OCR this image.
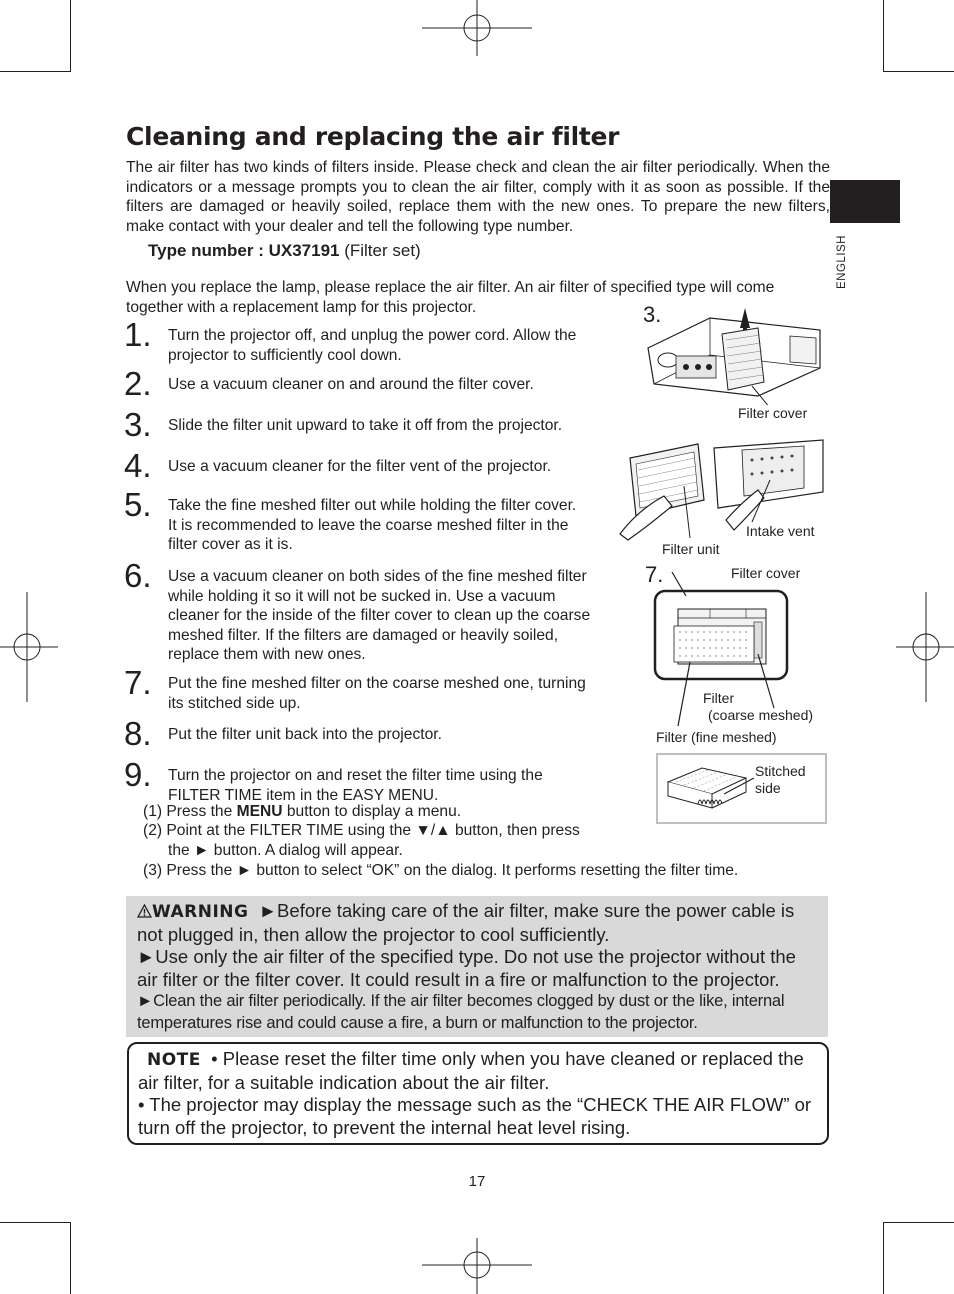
ENGLISH
Cleaning and replacing the air filter
The air filter has two kinds of filters inside. Please check and clean the air filter periodically. When the indicators or a message prompts you to clean the air filter, comply with it as soon as possible. If the filters are damaged or heavily soiled, replace them with the new ones. To prepare the new filters, make contact with your dealer and tell the following type number.
Type number : UX37191 (Filter set)
When you replace the lamp, please replace the air filter. An air filter of specified type will come together with a replacement lamp for this projector.
1. Turn the projector off, and unplug the power cord. Allow the projector to sufficiently cool down.
2. Use a vacuum cleaner on and around the filter cover.
3. Slide the filter unit upward to take it off from the projector.
4. Use a vacuum cleaner for the filter vent of the projector.
5. Take the fine meshed filter out while holding the filter cover. It is recommended to leave the coarse meshed filter in the filter cover as it is.
6. Use a vacuum cleaner on both sides of the fine meshed filter while holding it so it will not be sucked in. Use a vacuum cleaner for the inside of the filter cover to clean up the coarse meshed filter. If the filters are damaged or heavily soiled, replace them with new ones.
7. Put the fine meshed filter on the coarse meshed one, turning its stitched side up.
8. Put the filter unit back into the projector.
9. Turn the projector on and reset the filter time using the FILTER TIME item in the EASY MENU.
(1) Press the MENU button to display a menu.
(2) Point at the FILTER TIME using the ▼/▲ button, then press
the ► button. A dialog will appear.
(3) Press the ► button to select “OK” on the dialog. It performs resetting the filter time.
3.
Filter cover
Filter unit
Intake vent
7.	Filter cover
Filter
(coarse meshed)
Filter (fine meshed)
Stitched
side
WARNING ►Before taking care of the air filter, make sure the power cable is not plugged in, then allow the projector to cool sufficiently.
►Use only the air filter of the specified type. Do not use the projector without the air filter or the filter cover. It could result in a fire or malfunction to the projector.
►Clean the air filter periodically. If the air filter becomes clogged by dust or the like, internal temperatures rise and could cause a fire, a burn or malfunction to the projector.
NOTE • Please reset the filter time only when you have cleaned or replaced the air filter, for a suitable indication about the air filter.
• The projector may display the message such as the “CHECK THE AIR FLOW” or turn off the projector, to prevent the internal heat level rising.
17
